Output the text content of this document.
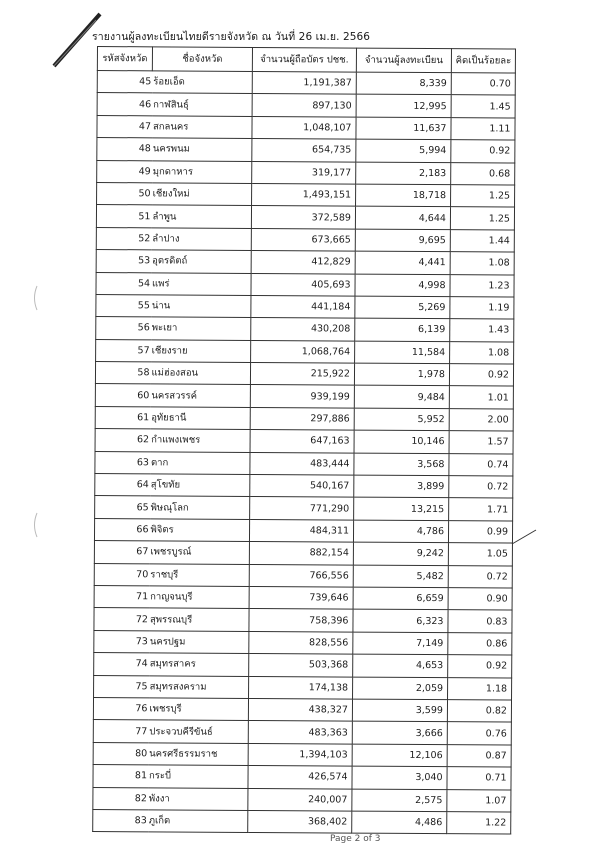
รายงานผู้ลงทะเบียนไทยดีรายจังหวัด ณ วันที่ 26 เม.ย. 2566
รหัสจังหวัด	ชื่อจังหวัด	จำนวนผู้ถือบัตร ปชช.	จำนวนผู้ลงทะเบียน	คิดเป็นร้อยละ
45	ร้อยเอ็ด	1,191,387	8,339	0.70
46	กาฬสินธุ์	897,130	12,995	1.45
47	สกลนคร	1,048,107	11,637	1.11
48	นครพนม	654,735	5,994	0.92
49	มุกดาหาร	319,177	2,183	0.68
50	เชียงใหม่	1,493,151	18,718	1.25
51	ลำพูน	372,589	4,644	1.25
52	ลำปาง	673,665	9,695	1.44
53	อุตรดิตถ์	412,829	4,441	1.08
54	แพร่	405,693	4,998	1.23
55	น่าน	441,184	5,269	1.19
56	พะเยา	430,208	6,139	1.43
57	เชียงราย	1,068,764	11,584	1.08
58	แม่ฮ่องสอน	215,922	1,978	0.92
60	นครสวรรค์	939,199	9,484	1.01
61	อุทัยธานี	297,886	5,952	2.00
62	กำแพงเพชร	647,163	10,146	1.57
63	ตาก	483,444	3,568	0.74
64	สุโขทัย	540,167	3,899	0.72
65	พิษณุโลก	771,290	13,215	1.71
66	พิจิตร	484,311	4,786	0.99
67	เพชรบูรณ์	882,154	9,242	1.05
70	ราชบุรี	766,556	5,482	0.72
71	กาญจนบุรี	739,646	6,659	0.90
72	สุพรรณบุรี	758,396	6,323	0.83
73	นครปฐม	828,556	7,149	0.86
74	สมุทรสาคร	503,368	4,653	0.92
75	สมุทรสงคราม	174,138	2,059	1.18
76	เพชรบุรี	438,327	3,599	0.82
77	ประจวบคีรีขันธ์	483,363	3,666	0.76
80	นครศรีธรรมราช	1,394,103	12,106	0.87
81	กระบี่	426,574	3,040	0.71
82	พังงา	240,007	2,575	1.07
83	ภูเก็ต	368,402	4,486	1.22
Page 2 of 3
